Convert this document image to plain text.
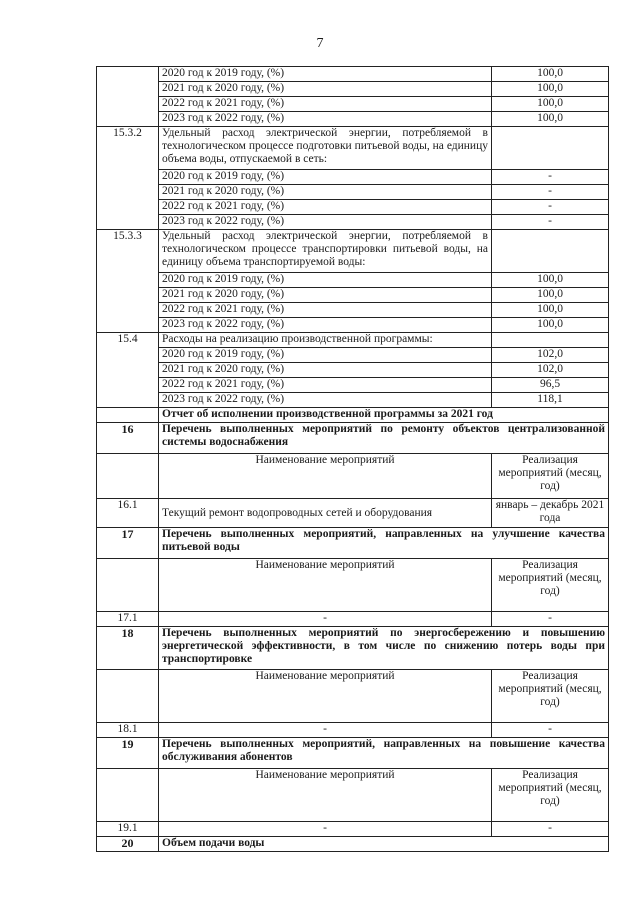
7
	2020 год к 2019 году, (%)	100,0
	2021 год к 2020 году, (%)	100,0
	2022 год к 2021 году, (%)	100,0
	2023 год к 2022 году, (%)	100,0
15.3.2	Удельный расход электрической энергии, потребляемой в технологическом процессе подготовки питьевой воды, на единицу объема воды, отпускаемой в сеть:	
	2020 год к 2019 году, (%)	-
	2021 год к 2020 году, (%)	-
	2022 год к 2021 году, (%)	-
	2023 год к 2022 году, (%)	-
15.3.3	Удельный расход электрической энергии, потребляемой в технологическом процессе транспортировки питьевой воды, на единицу объема транспортируемой воды:	
	2020 год к 2019 году, (%)	100,0
	2021 год к 2020 году, (%)	100,0
	2022 год к 2021 году, (%)	100,0
	2023 год к 2022 году, (%)	100,0
15.4	Расходы на реализацию производственной программы:	
	2020 год к 2019 году, (%)	102,0
	2021 год к 2020 году, (%)	102,0
	2022 год к 2021 году, (%)	96,5
	2023 год к 2022 году, (%)	118,1
	Отчет об исполнении производственной программы за 2021 год	
16	Перечень выполненных мероприятий по ремонту объектов централизованной системы водоснабжения	
	Наименование мероприятий	Реализация мероприятий (месяц, год)
16.1	Текущий ремонт водопроводных сетей и оборудования	январь – декабрь 2021 года
17	Перечень выполненных мероприятий, направленных на улучшение качества питьевой воды	
	Наименование мероприятий	Реализация мероприятий (месяц, год)
17.1	-	-
18	Перечень выполненных мероприятий по энергосбережению и повышению энергетической эффективности, в том числе по снижению потерь воды при транспортировке	
	Наименование мероприятий	Реализация мероприятий (месяц, год)
18.1	-	-
19	Перечень выполненных мероприятий, направленных на повышение качества обслуживания абонентов	
	Наименование мероприятий	Реализация мероприятий (месяц, год)
19.1	-	-
20	Объем подачи воды	
